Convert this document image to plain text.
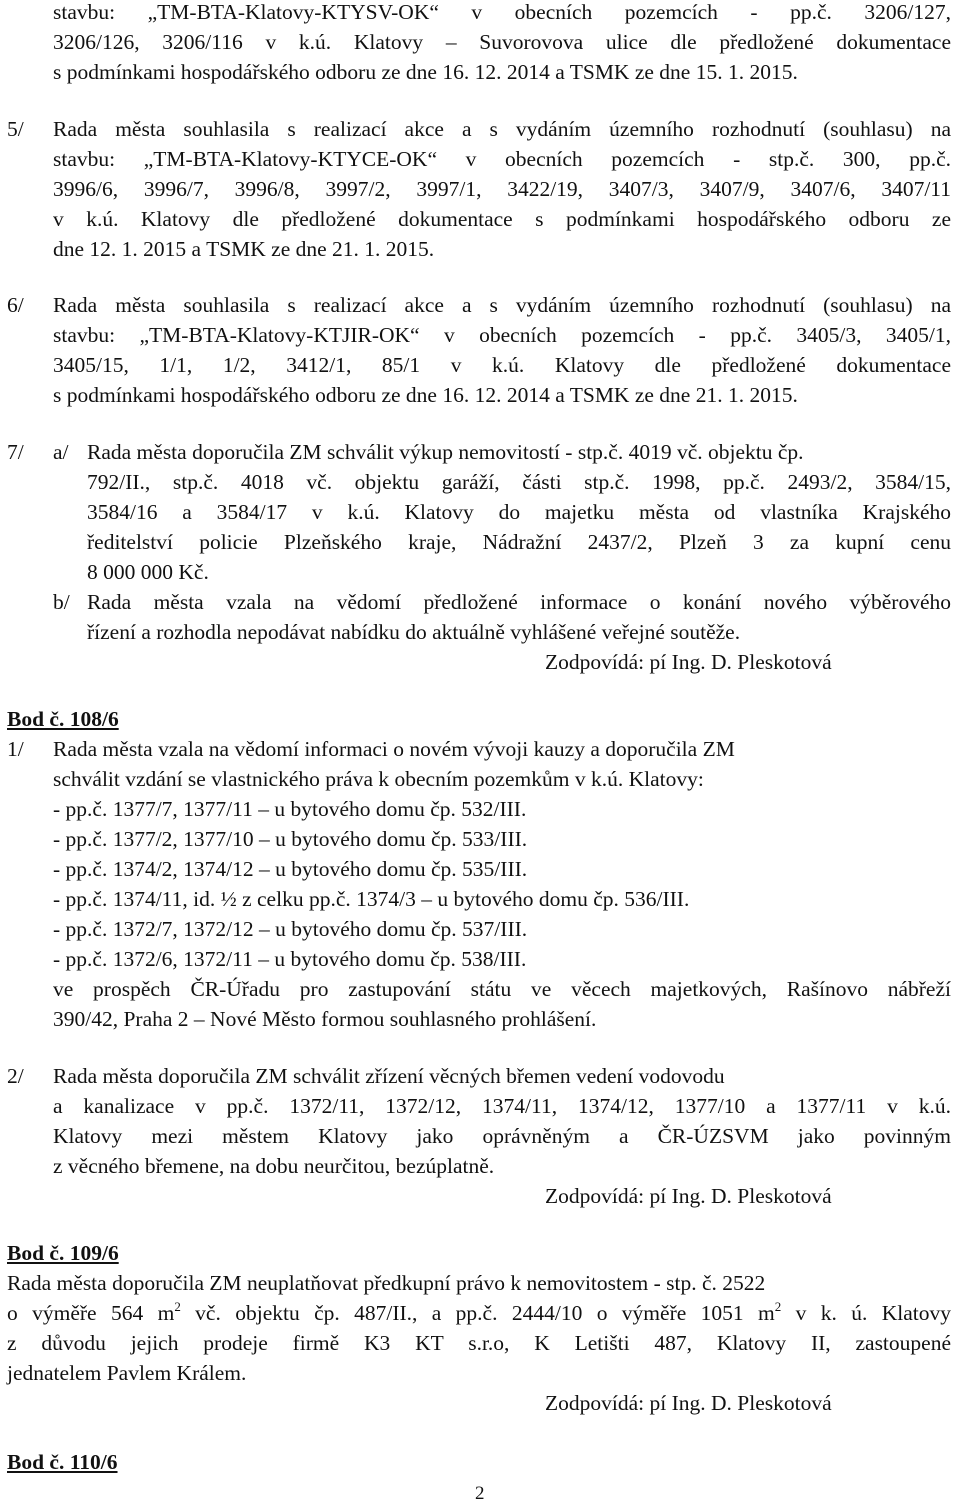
stavbu: „TM-BTA-Klatovy-KTYSV-OK“ v obecních pozemcích - pp.č. 3206/127,
3206/126, 3206/116 v k.ú. Klatovy – Suvorovova ulice dle předložené dokumentace
s podmínkami hospodářského odboru ze dne 16. 12. 2014 a TSMK ze dne 15. 1. 2015.
5/ Rada města souhlasila s realizací akce a s vydáním územního rozhodnutí (souhlasu) na
stavbu: „TM-BTA-Klatovy-KTYCE-OK“ v obecních pozemcích - stp.č. 300, pp.č.
3996/6, 3996/7, 3996/8, 3997/2, 3997/1, 3422/19, 3407/3, 3407/9, 3407/6, 3407/11
v k.ú. Klatovy dle předložené dokumentace s podmínkami hospodářského odboru ze
dne 12. 1. 2015 a TSMK ze dne 21. 1. 2015.
6/ Rada města souhlasila s realizací akce a s vydáním územního rozhodnutí (souhlasu) na
stavbu: „TM-BTA-Klatovy-KTJIR-OK“ v obecních pozemcích - pp.č. 3405/3, 3405/1,
3405/15, 1/1, 1/2, 3412/1, 85/1 v k.ú. Klatovy dle předložené dokumentace
s podmínkami hospodářského odboru ze dne 16. 12. 2014 a TSMK ze dne 21. 1. 2015.
7/ a/ Rada města doporučila ZM schválit výkup nemovitostí - stp.č. 4019 vč. objektu čp.
792/II., stp.č. 4018 vč. objektu garáží, části stp.č. 1998, pp.č. 2493/2, 3584/15,
3584/16 a 3584/17 v k.ú. Klatovy do majetku města od vlastníka Krajského
ředitelství policie Plzeňského kraje, Nádražní 2437/2, Plzeň 3 za kupní cenu
8 000 000 Kč.
b/ Rada města vzala na vědomí předložené informace o konání nového výběrového
řízení a rozhodla nepodávat nabídku do aktuálně vyhlášené veřejné soutěže.
Zodpovídá: pí Ing. D. Pleskotová
Bod č. 108/6
1/ Rada města vzala na vědomí informaci o novém vývoji kauzy a doporučila ZM
schválit vzdání se vlastnického práva k obecním pozemkům v k.ú. Klatovy:
- pp.č. 1377/7, 1377/11 – u bytového domu čp. 532/III.
- pp.č. 1377/2, 1377/10 – u bytového domu čp. 533/III.
- pp.č. 1374/2, 1374/12 – u bytového domu čp. 535/III.
- pp.č. 1374/11, id. ½ z celku pp.č. 1374/3 – u bytového domu čp. 536/III.
- pp.č. 1372/7, 1372/12 – u bytového domu čp. 537/III.
- pp.č. 1372/6, 1372/11 – u bytového domu čp. 538/III.
ve prospěch ČR-Úřadu pro zastupování státu ve věcech majetkových, Rašínovo nábřeží
390/42, Praha 2 – Nové Město formou souhlasného prohlášení.
2/ Rada města doporučila ZM schválit zřízení věcných břemen vedení vodovodu
a kanalizace v pp.č. 1372/11, 1372/12, 1374/11, 1374/12, 1377/10 a 1377/11 v k.ú.
Klatovy mezi městem Klatovy jako oprávněným a ČR-ÚZSVM jako povinným
z věcného břemene, na dobu neurčitou, bezúplatně.
Zodpovídá: pí Ing. D. Pleskotová
Bod č. 109/6
Rada města doporučila ZM neuplatňovat předkupní právo k nemovitostem - stp. č. 2522
o výměře 564 $m^2$ vč. objektu čp. 487/II., a pp.č. 2444/10 o výměře 1051 $m^2$ v k. ú. Klatovy
z důvodu jejich prodeje firmě K3 KT s.r.o, K Letišti 487, Klatovy II, zastoupené
jednatelem Pavlem Králem.
Zodpovídá: pí Ing. D. Pleskotová
Bod č. 110/6
2
